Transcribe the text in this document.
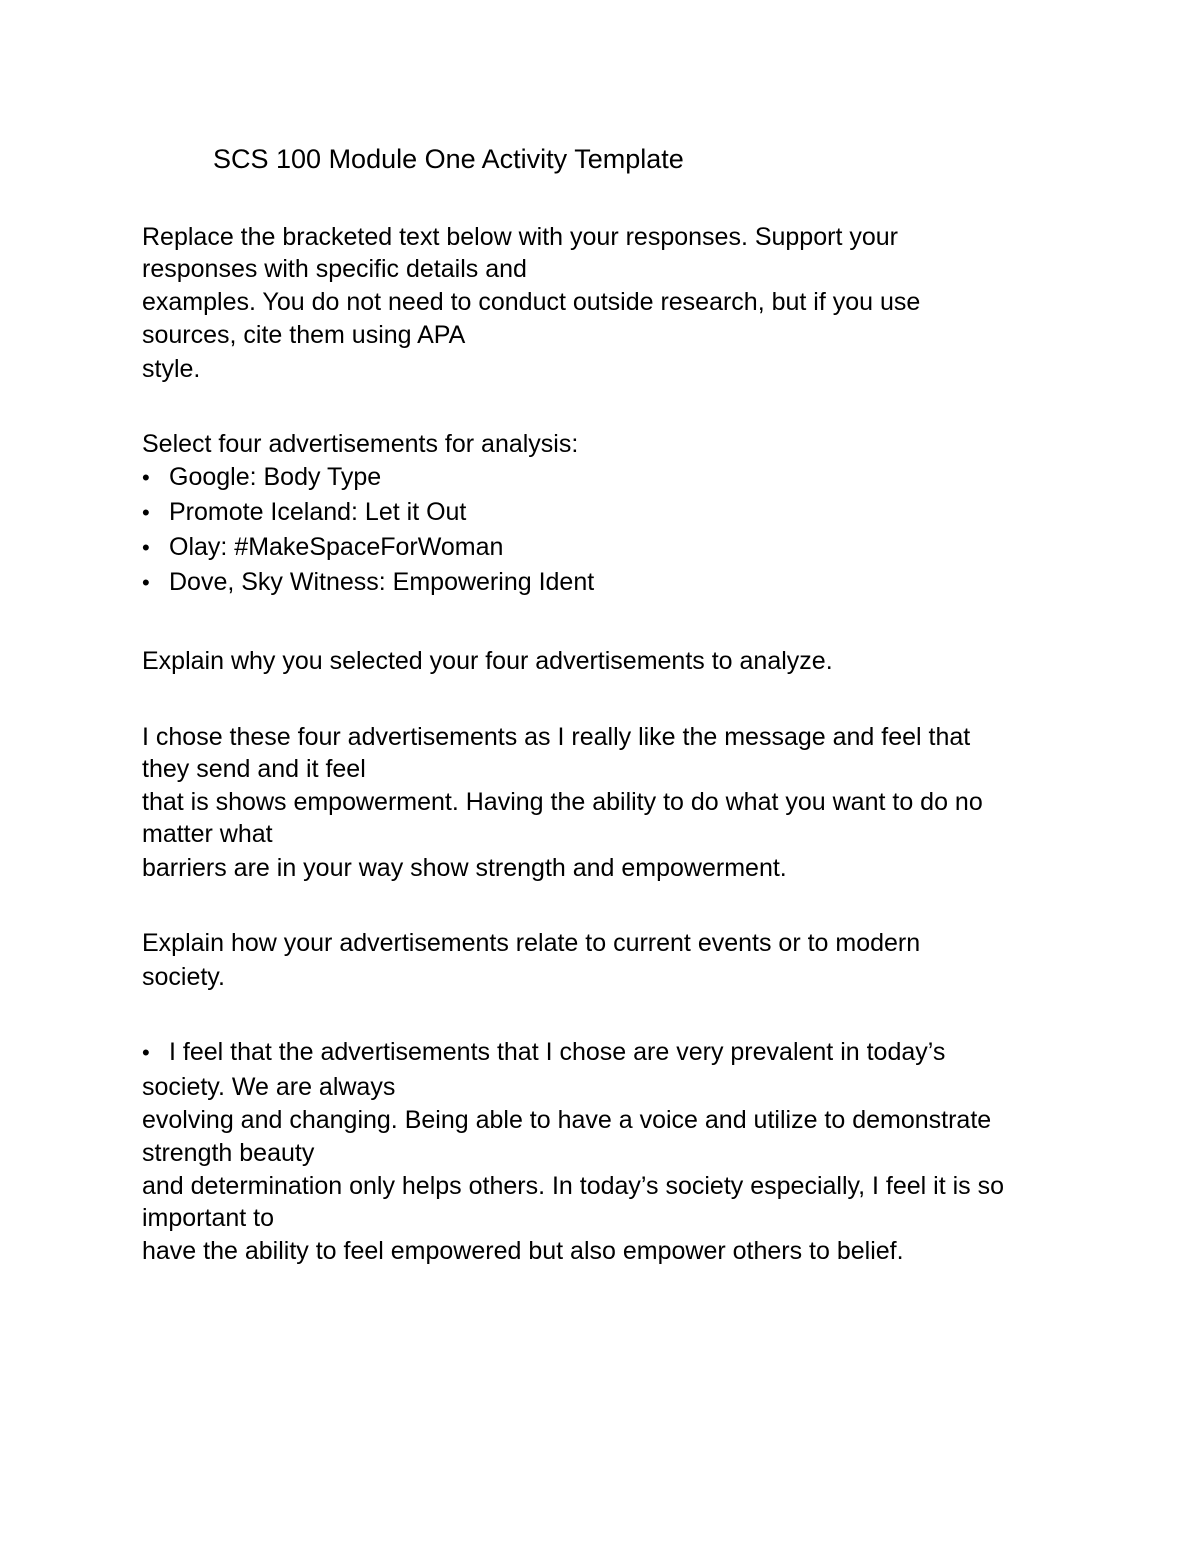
SCS 100 Module One Activity Template
Replace the bracketed text below with your responses. Support your
responses with specific details and
examples. You do not need to conduct outside research, but if you use
sources, cite them using APA
style.
Select four advertisements for analysis:
• Google: Body Type
• Promote Iceland: Let it Out
• Olay: #MakeSpaceForWoman
• Dove, Sky Witness: Empowering Ident
Explain why you selected your four advertisements to analyze.
I chose these four advertisements as I really like the message and feel that
they send and it feel
that is shows empowerment. Having the ability to do what you want to do no
matter what
barriers are in your way show strength and empowerment.
Explain how your advertisements relate to current events or to modern
society.
• I feel that the advertisements that I chose are very prevalent in today’s
society. We are always
evolving and changing. Being able to have a voice and utilize to demonstrate
strength beauty
and determination only helps others. In today’s society especially, I feel it is so
important to
have the ability to feel empowered but also empower others to belief.
